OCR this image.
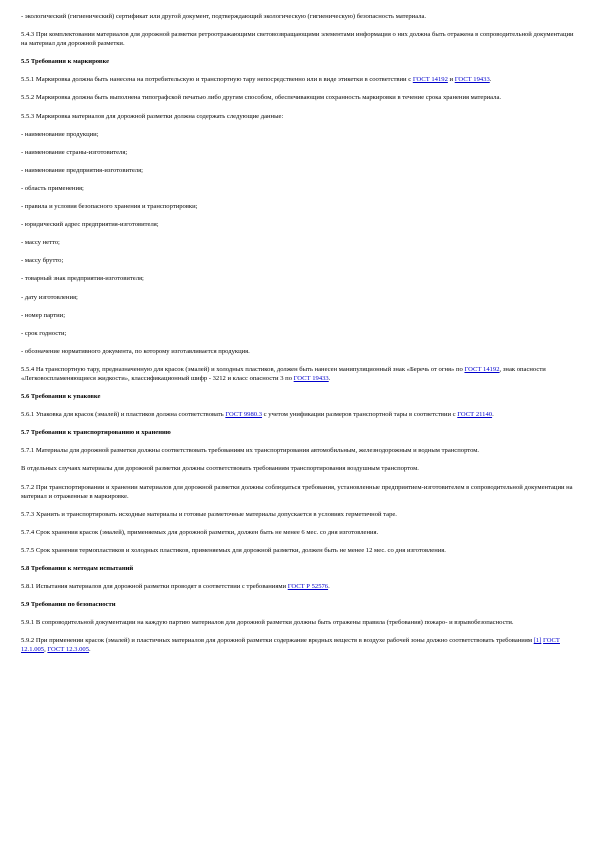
- экологический (гигиенический) сертификат или другой документ, подтверждающий экологическую (гигиеническую) безопасность материала.

5.4.3 При комплектовании материалов для дорожной разметки ретроотражающими световозвращающими элементами информация о них должна быть отражена в сопроводительной документации на материал для дорожной разметки.

5.5 Требования к маркировке

5.5.1 Маркировка должна быть нанесена на потребительскую и транспортную тару непосредственно или в виде этикетки в соответствии с ГОСТ 14192 и ГОСТ 19433.

5.5.2 Маркировка должна быть выполнена типографской печатью либо другим способом, обеспечивающим сохранность маркировки в течение срока хранения материала.

5.5.3 Маркировка материалов для дорожной разметки должна содержать следующие данные:

- наименование продукции;

- наименование страны-изготовителя;

- наименование предприятия-изготовителя;

- область применения;

- правила и условия безопасного хранения и транспортировки;

- юридический адрес предприятия-изготовителя;

- массу нетто;

- массу брутто;

- товарный знак предприятия-изготовителя;

- дату изготовления;

- номер партии;

- срок годности;

- обозначение нормативного документа, по которому изготавливается продукция.

5.5.4 На транспортную тару, предназначенную для красок (эмалей) и холодных пластиков, должен быть нанесен манипуляционный знак «Беречь от огня» по ГОСТ 14192, знак опасности «Легковоспламеняющиеся жидкости», классификационный шифр - 3212 и класс опасности 3 по ГОСТ 19433.

5.6 Требования к упаковке

5.6.1 Упаковка для красок (эмалей) и пластиков должна соответствовать ГОСТ 9980.3 с учетом унификации размеров транспортной тары в соответствии с ГОСТ 21140.

5.7 Требования к транспортированию и хранению

5.7.1 Материалы для дорожной разметки должны соответствовать требованиям их транспортирования автомобильным, железнодорожным и водным транспортом.

В отдельных случаях материалы для дорожной разметки должны соответствовать требованиям транспортирования воздушным транспортом.

5.7.2 При транспортировании и хранении материалов для дорожной разметки должны соблюдаться требования, установленные предприятием-изготовителем в сопроводительной документации на материал и отраженные в маркировке.

5.7.3 Хранить и транспортировать исходные материалы и готовые разметочные материалы допускается в условиях герметичной таре.

5.7.4 Срок хранения красок (эмалей), применяемых для дорожной разметки, должен быть не менее 6 мес. со дня изготовления.

5.7.5 Срок хранения термопластиков и холодных пластиков, применяемых для дорожной разметки, должен быть не менее 12 мес. со дня изготовления.

5.8 Требования к методам испытаний

5.8.1 Испытания материалов для дорожной разметки проводят в соответствии с требованиями ГОСТ Р 52576.

5.9 Требования по безопасности

5.9.1 В сопроводительной документации на каждую партию материалов для дорожной разметки должны быть отражены правила (требования) пожаро- и взрывобезопасности.

5.9.2 При применении красок (эмалей) и пластичных материалов для дорожной разметки содержание вредных веществ в воздухе рабочей зоны должно соответствовать требованиям [1] ГОСТ 12.1.005, ГОСТ 12.3.005.
